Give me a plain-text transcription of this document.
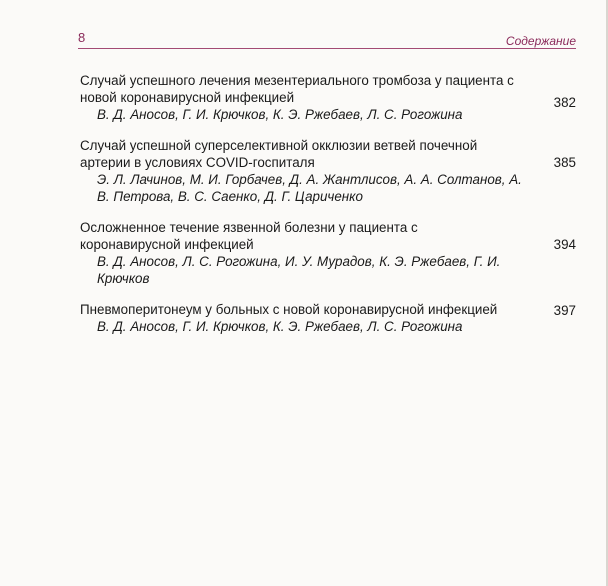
8	Содержание
Случай успешного лечения мезентериального тромбоза у пациента с новой коронавирусной инфекцией
В. Д. Аносов, Г. И. Крючков, К. Э. Ржебаев, Л. С. Рогожина
382
Случай успешной суперселективной окклюзии ветвей почечной артерии в условиях COVID-госпиталя
Э. Л. Лачинов, М. И. Горбачев, Д. А. Жантлисов, А. А. Солтанов, А. В. Петрова, В. С. Саенко, Д. Г. Цариченко
385
Осложненное течение язвенной болезни у пациента с коронавирусной инфекцией
В. Д. Аносов, Л. С. Рогожина, И. У. Мурадов, К. Э. Ржебаев, Г. И. Крючков
394
Пневмоперитонеум у больных с новой коронавирусной инфекцией
В. Д. Аносов, Г. И. Крючков, К. Э. Ржебаев, Л. С. Рогожина
397
